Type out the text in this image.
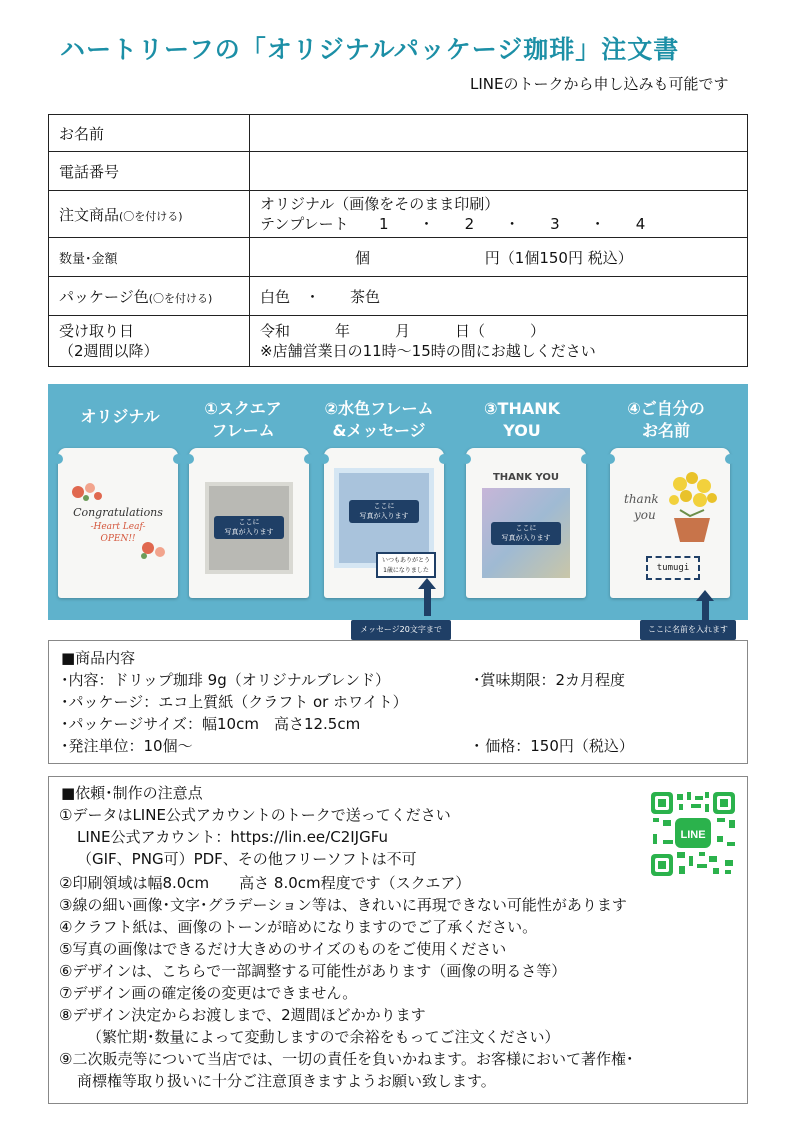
ハートリーフの「オリジナルパッケージ珈琲」注文書
LINEのトークから申し込みも可能です
お名前	
電話番号	
注文商品(〇を付ける)	オリジナル（画像をそのまま印刷）
テンプレート 1 ・ 2 ・ 3 ・ 4

数量･金額	個 円（1個150円 税込）
パッケージ色(〇を付ける)	白色　・　　茶色

受け取り日
（2週間以降）	令和　　　年　　　月　　　日（　　　）
※店舗営業日の11時～15時の間にお越しください
オリジナル	①スクエア
フレーム
②水色フレーム
&メッセージ
③THANK
YOU
④ご自分の
お名前
Congratulations
-Heart Leaf-
OPEN!!
ここに
写真が入ります
ここに
写真が入ります
いつもありがとう
1歳になりました
THANK YOU
ここに
写真が入ります
thank
you
tumugi
メッセージ20文字まで	ここに名前を入れます
■商品内容
･内容：ドリップ珈琲 9g（オリジナルブレンド）	･賞味期限：2カ月程度
･パッケージ：エコ上質紙（クラフト or ホワイト）
･パッケージサイズ：幅10cm　高さ12.5cm
･発注単位：10個～	･ 価格：150円（税込）
■依頼･制作の注意点
①データはLINE公式アカウントのトークで送ってください
LINE公式アカウント：https://lin.ee/C2IJGFu
（GIF、PNG可）PDF、その他フリーソフトは不可
②印刷領域は幅8.0cm　　高さ 8.0cm程度です（スクエア）
③線の細い画像･文字･グラデーション等は、きれいに再現できない可能性があります
④クラフト紙は、画像のトーンが暗めになりますのでご了承ください。
⑤写真の画像はできるだけ大きめのサイズのものをご使用ください
⑥デザインは、こちらで一部調整する可能性があります（画像の明るさ等）
⑦デザイン画の確定後の変更はできません。
⑧デザイン決定からお渡しまで、2週間ほどかかります
（繁忙期･数量によって変動しますので余裕をもってご注文ください）
⑨二次販売等について当店では、一切の責任を負いかねます。お客様において著作権･
商標権等取り扱いに十分ご注意頂きますようお願い致します。
LINE
